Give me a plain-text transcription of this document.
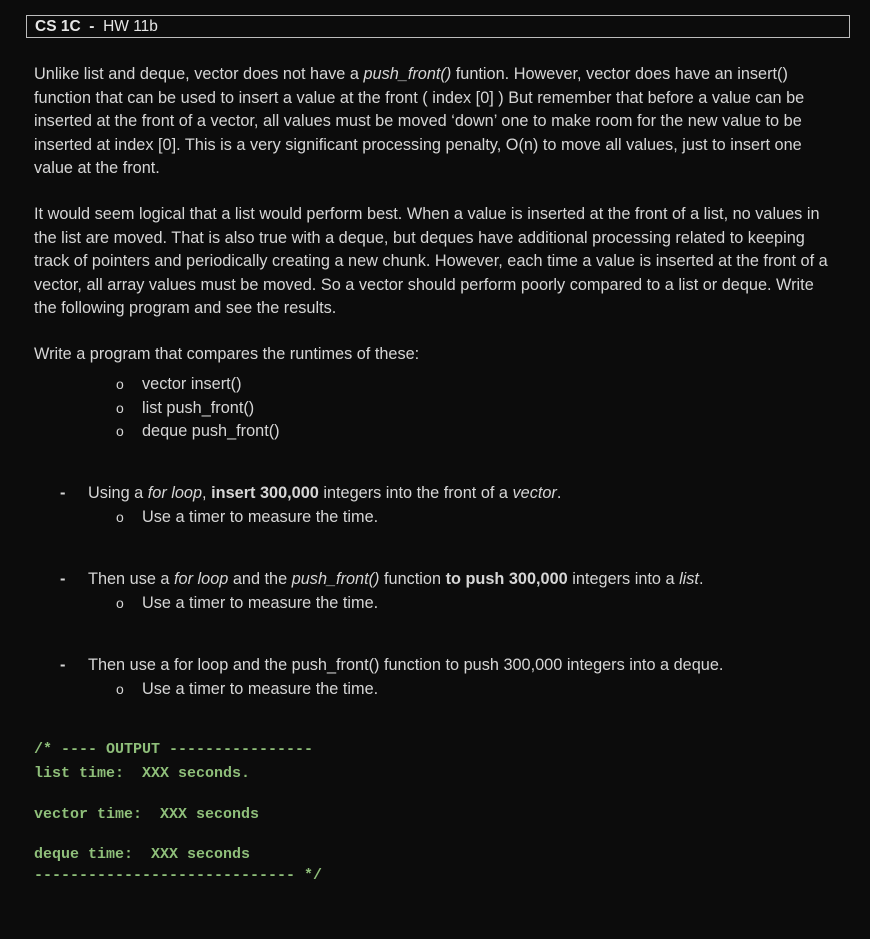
CS 1C - HW 11b

Unlike list and deque, vector does not have a push_front() funtion. However, vector does have an insert() function that can be used to insert a value at the front ( index [0] ) But remember that before a value can be inserted at the front of a vector, all values must be moved ‘down’ one to make room for the new value to be inserted at index [0]. This is a very significant processing penalty, O(n) to move all values, just to insert one value at the front.

It would seem logical that a list would perform best. When a value is inserted at the front of a list, no values in the list are moved. That is also true with a deque, but deques have additional processing related to keeping track of pointers and periodically creating a new chunk. However, each time a value is inserted at the front of a vector, all array values must be moved. So a vector should perform poorly compared to a list or deque. Write the following program and see the results.

Write a program that compares the runtimes of these:

o vector insert()
o list push_front()
o deque push_front()
-	Using a for loop, insert 300,000 integers into the front of a vector.
o Use a timer to measure the time.
-	Then use a for loop and the push_front() function to push 300,000 integers into a list.
o Use a timer to measure the time.
-	Then use a for loop and the push_front() function to push 300,000 integers into a deque.
o Use a timer to measure the time.
/* ---- OUTPUT ----------------
list time:  XXX seconds.
vector time:  XXX seconds
deque time:  XXX seconds
----------------------------- */
